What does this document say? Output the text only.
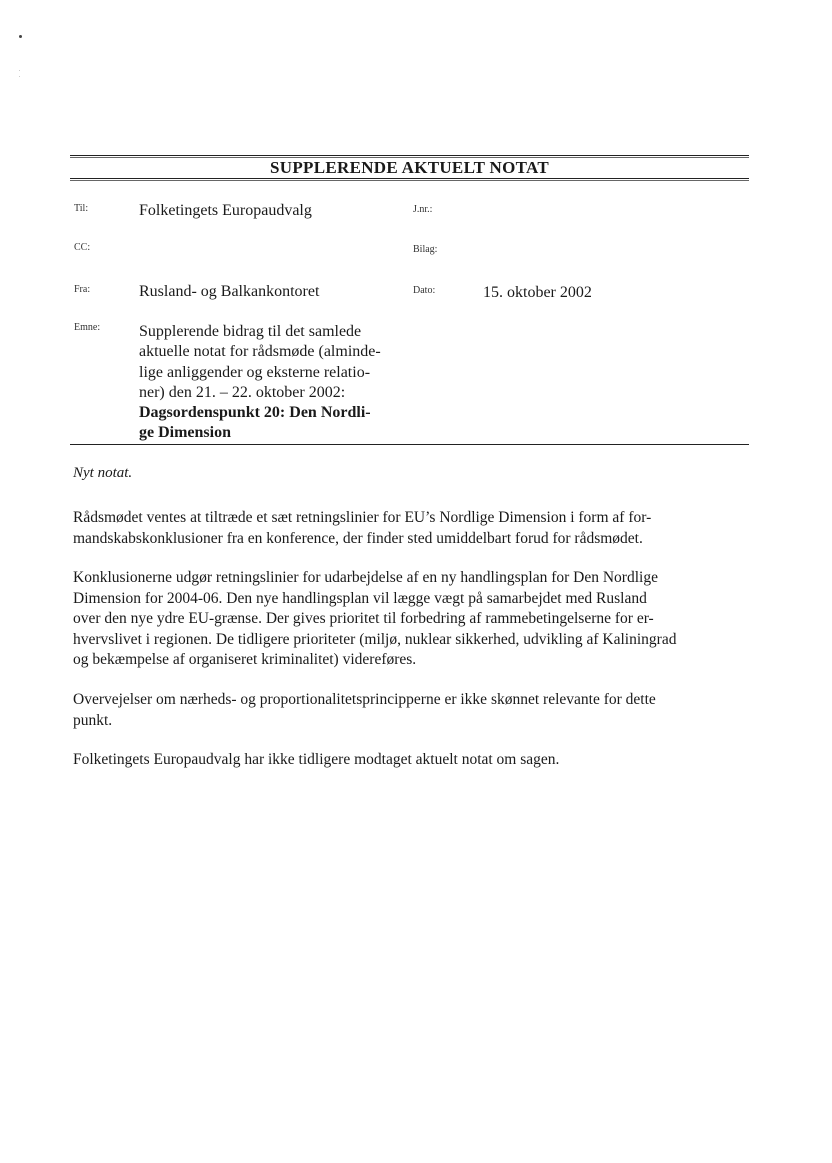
SUPPLERENDE AKTUELT NOTAT
Til:	Folketingets Europaudvalg	J.nr.:
CC:	Bilag:
Fra:	Rusland- og Balkankontoret	Dato:	15. oktober 2002
Emne: Supplerende bidrag til det samlede
aktuelle notat for rådsmøde (alminde-
lige anliggender og eksterne relatio-
ner) den 21. – 22. oktober 2002:
Dagsordenspunkt 20: Den Nordli-
ge Dimension
Nyt notat.
Rådsmødet ventes at tiltræde et sæt retningslinier for EU’s Nordlige Dimension i form af for-
mandskabskonklusioner fra en konference, der finder sted umiddelbart forud for rådsmødet.
Konklusionerne udgør retningslinier for udarbejdelse af en ny handlingsplan for Den Nordlige
Dimension for 2004-06. Den nye handlingsplan vil lægge vægt på samarbejdet med Rusland
over den nye ydre EU-grænse. Der gives prioritet til forbedring af rammebetingelserne for er-
hvervslivet i regionen. De tidligere prioriteter (miljø, nuklear sikkerhed, udvikling af Kaliningrad
og bekæmpelse af organiseret kriminalitet) videreføres.
Overvejelser om nærheds- og proportionalitetsprincipperne er ikke skønnet relevante for dette
punkt.
Folketingets Europaudvalg har ikke tidligere modtaget aktuelt notat om sagen.
